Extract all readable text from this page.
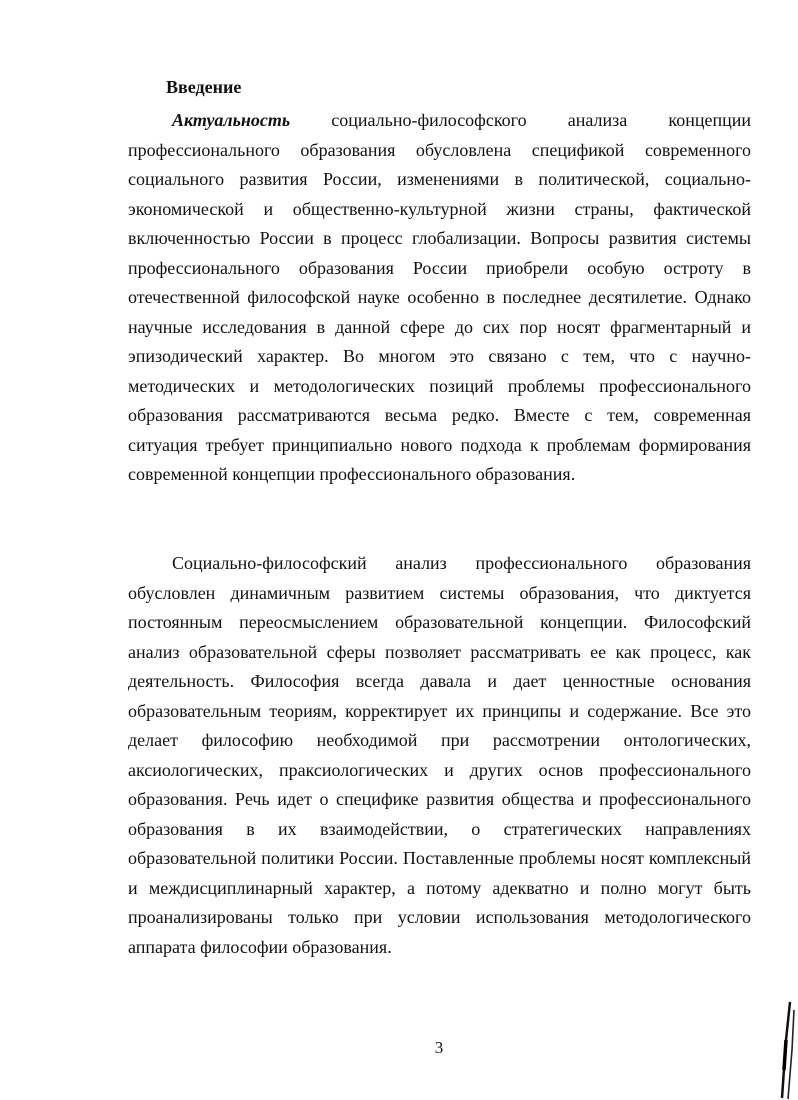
Введение

Актуальность социально-философского анализа концепции профессионального образования обусловлена спецификой современного социального развития России, изменениями в политической, социально-экономической и общественно-культурной жизни страны, фактической включенностью России в процесс глобализации. Вопросы развития системы профессионального образования России приобрели особую остроту в отечественной философской науке особенно в последнее десятилетие. Однако научные исследования в данной сфере до сих пор носят фрагментарный и эпизодический характер. Во многом это связано с тем, что с научно-методических и методологических позиций проблемы профессионального образования рассматриваются весьма редко. Вместе с тем, современная ситуация требует принципиально нового подхода к проблемам формирования современной концепции профессионального образования.

Социально-философский анализ профессионального образования обусловлен динамичным развитием системы образования, что диктуется постоянным переосмыслением образовательной концепции. Философский анализ образовательной сферы позволяет рассматривать ее как процесс, как деятельность. Философия всегда давала и дает ценностные основания образовательным теориям, корректирует их принципы и содержание. Все это делает философию необходимой при рассмотрении онтологических, аксиологических, праксиологических и других основ профессионального образования. Речь идет о специфике развития общества и профессионального образования в их взаимодействии, о стратегических направлениях образовательной политики России. Поставленные проблемы носят комплексный и междисциплинарный характер, а потому адекватно и полно могут быть проанализированы только при условии использования методологического аппарата философии образования.

3
